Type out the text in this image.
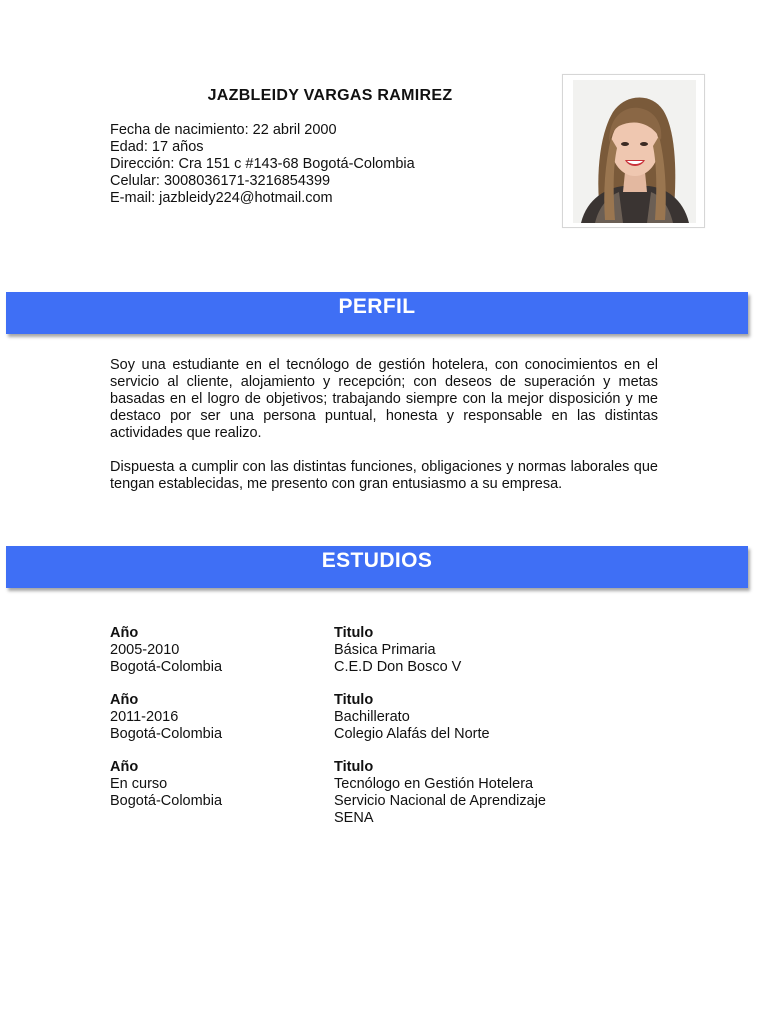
JAZBLEIDY VARGAS RAMIREZ
Fecha de nacimiento: 22 abril 2000
Edad: 17 años
Dirección: Cra 151 c #143-68 Bogotá-Colombia
Celular: 3008036171-3216854399
E-mail: jazbleidy224@hotmail.com
PERFIL

Soy una estudiante en el tecnólogo de gestión hotelera, con conocimientos en el servicio al cliente, alojamiento y recepción; con deseos de superación y metas basadas en el logro de objetivos; trabajando siempre con la mejor disposición y me destaco por ser una persona puntual, honesta y responsable en las distintas actividades que realizo.

Dispuesta a cumplir con las distintas funciones, obligaciones y normas laborales que tengan establecidas, me presento con gran entusiasmo a su empresa.

ESTUDIOS
Año	Titulo
2005-2010	Básica Primaria
Bogotá-Colombia	C.E.D Don Bosco V
Año	Titulo
2011-2016	Bachillerato
Bogotá-Colombia	Colegio Alafás del Norte
Año	Titulo
En curso	Tecnólogo en Gestión Hotelera
Bogotá-Colombia	Servicio Nacional de Aprendizaje
SENA
